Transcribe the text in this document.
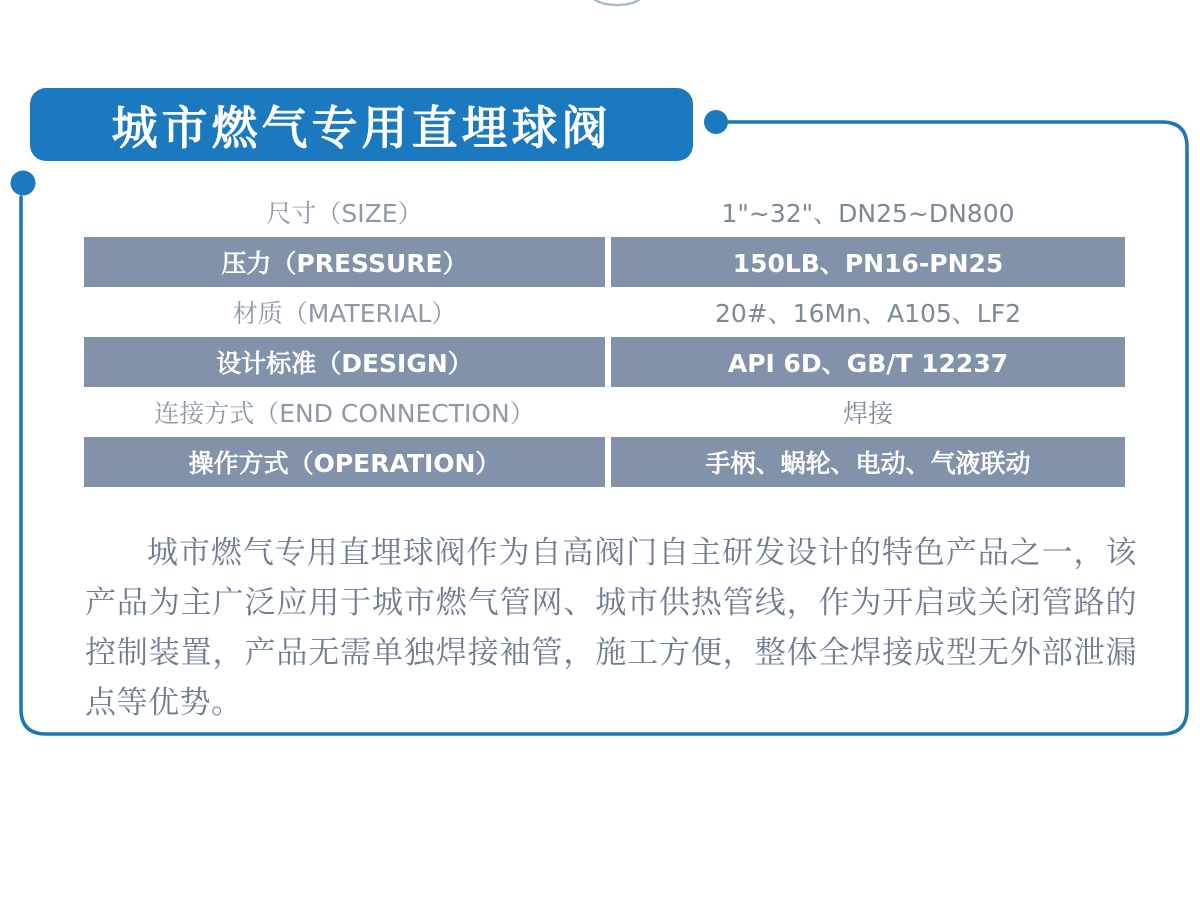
城市燃气专用直埋球阀
尺寸（SIZE）	1"~32"、DN25~DN800
压力（PRESSURE）	150LB、PN16-PN25
材质（MATERIAL）	20#、16Mn、A105、LF2
设计标准（DESIGN）	API 6D、GB/T 12237
连接方式（END CONNECTION）	焊接
操作方式（OPERATION）	手柄、蜗轮、电动、气液联动
城市燃气专用直埋球阀作为自高阀门自主研发设计的特色产品之一，该产品为主广泛应用于城市燃气管网、城市供热管线，作为开启或关闭管路的控制装置，产品无需单独焊接袖管，施工方便，整体全焊接成型无外部泄漏点等优势。
